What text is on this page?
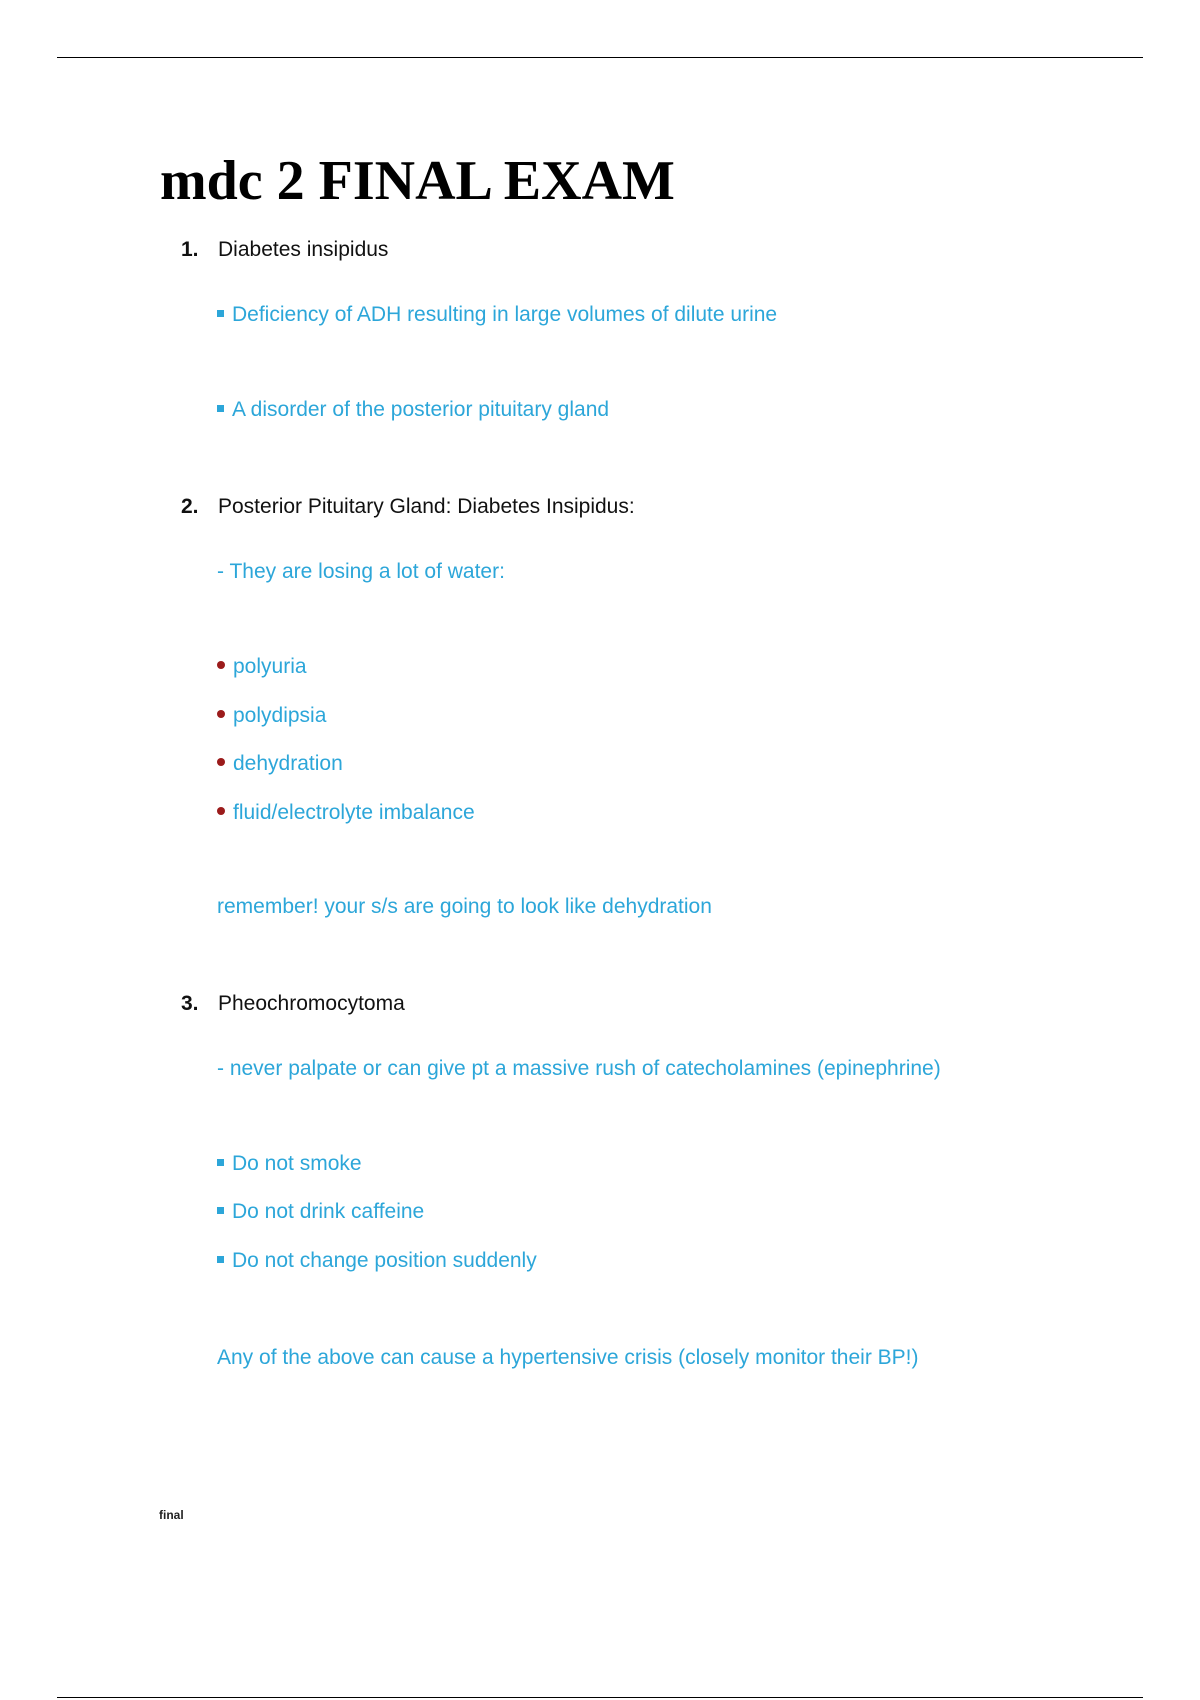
mdc 2 FINAL EXAM
1. Diabetes insipidus
Deficiency of ADH resulting in large volumes of dilute urine
A disorder of the posterior pituitary gland
2. Posterior Pituitary Gland: Diabetes Insipidus:
- They are losing a lot of water:
polyuria
polydipsia
dehydration
fluid/electrolyte imbalance
remember! your s/s are going to look like dehydration
3. Pheochromocytoma
- never palpate or can give pt a massive rush of catecholamines (epinephrine)
Do not smoke
Do not drink caffeine
Do not change position suddenly
Any of the above can cause a hypertensive crisis (closely monitor their BP!)
final
